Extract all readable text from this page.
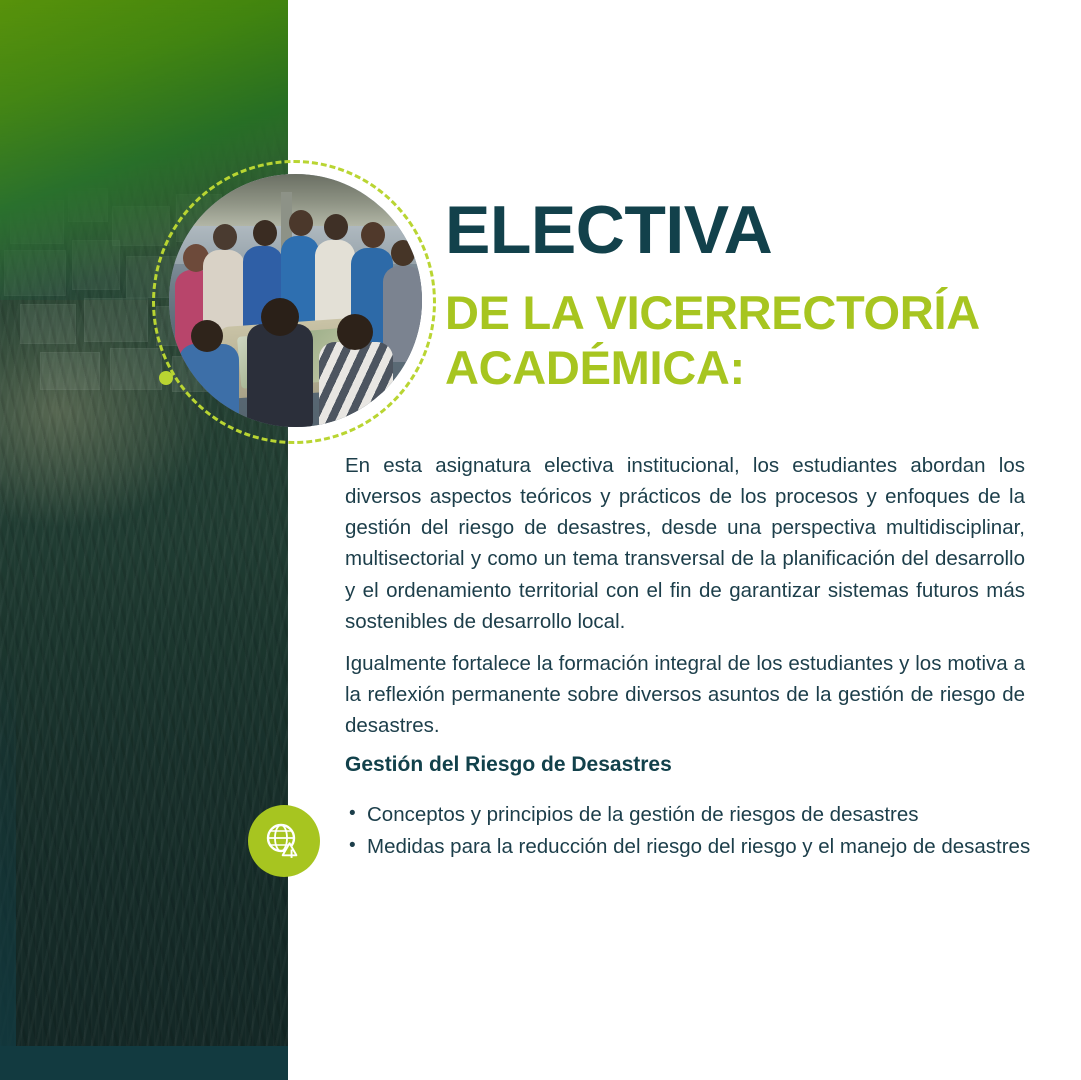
ELECTIVA
DE LA VICERRECTORÍA ACADÉMICA:

En esta asignatura electiva institucional, los estudiantes abordan los diversos aspectos teóricos y prácticos de los procesos y enfoques de la gestión del riesgo de desastres, desde una perspectiva multidisciplinar, multisectorial y como un tema transversal de la planificación del desarrollo y el ordenamiento territorial con el fin de garantizar sistemas futuros más sostenibles de desarrollo local.

Igualmente fortalece la formación integral de los estudiantes y los motiva a la reflexión permanente sobre diversos asuntos de la gestión de riesgo de desastres.

Gestión del Riesgo de Desastres
• Conceptos y principios de la gestión de riesgos de desastres
• Medidas para la reducción del riesgo del riesgo y el manejo de desastres
